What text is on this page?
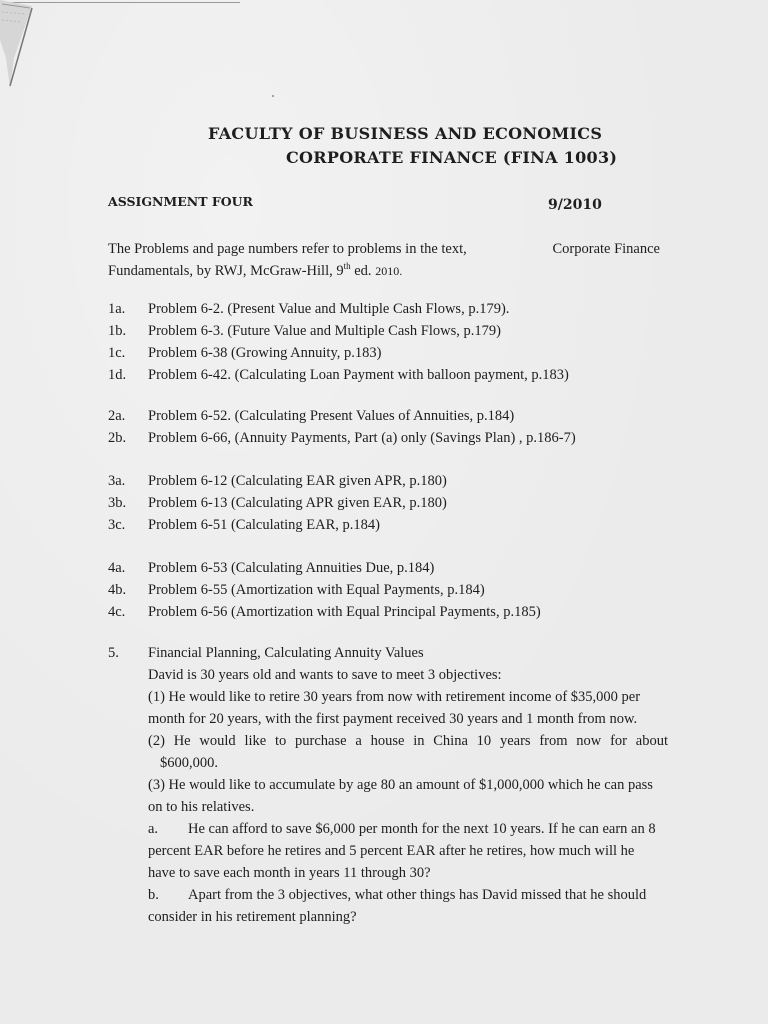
FACULTY OF BUSINESS AND ECONOMICS
CORPORATE FINANCE (FINA 1003)
ASSIGNMENT FOUR	9/2010
The Problems and page numbers refer to problems in the text,	Corporate Finance
Fundamentals, by RWJ, McGraw-Hill, 9th ed. 2010.
1a.	Problem 6-2. (Present Value and Multiple Cash Flows, p.179).
1b.	Problem 6-3. (Future Value and Multiple Cash Flows, p.179)
1c.	Problem 6-38 (Growing Annuity, p.183)
1d.	Problem 6-42. (Calculating Loan Payment with balloon payment, p.183)
2a.	Problem 6-52. (Calculating Present Values of Annuities, p.184)
2b.	Problem 6-66, (Annuity Payments, Part (a) only (Savings Plan) , p.186-7)
3a.	Problem 6-12 (Calculating EAR given APR, p.180)
3b.	Problem 6-13 (Calculating APR given EAR, p.180)
3c.	Problem 6-51 (Calculating EAR, p.184)
4a.	Problem 6-53 (Calculating Annuities Due, p.184)
4b.	Problem 6-55 (Amortization with Equal Payments, p.184)
4c.	Problem 6-56 (Amortization with Equal Principal Payments, p.185)
5. Financial Planning, Calculating Annuity Values
David is 30 years old and wants to save to meet 3 objectives:
(1) He would like to retire 30 years from now with retirement income of $35,000 per
month for 20 years, with the first payment received 30 years and 1 month from now.
(2) He would like to purchase a house in China 10 years from now for about
$600,000.
(3) He would like to accumulate by age 80 an amount of $1,000,000 which he can pass
on to his relatives.
a. He can afford to save $6,000 per month for the next 10 years. If he can earn an 8
percent EAR before he retires and 5 percent EAR after he retires, how much will he
have to save each month in years 11 through 30?
b. Apart from the 3 objectives, what other things has David missed that he should
consider in his retirement planning?
